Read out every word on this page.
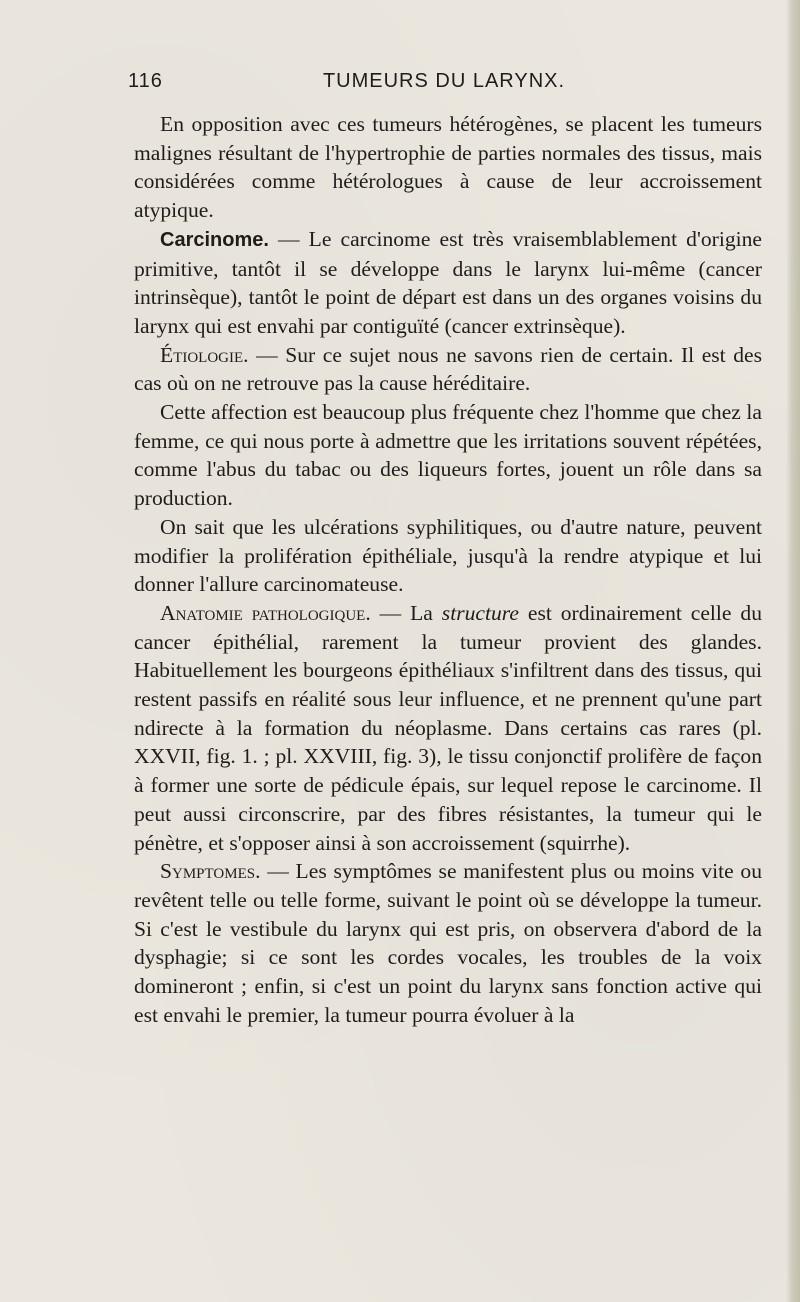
116	TUMEURS DU LARYNX.

En opposition avec ces tumeurs hétérogènes, se placent les tumeurs malignes résultant de l'hypertrophie de parties normales des tissus, mais considérées comme hétérologues à cause de leur accroissement atypique.

Carcinome. — Le carcinome est très vraisemblablement d'origine primitive, tantôt il se développe dans le larynx lui-même (cancer intrinsèque), tantôt le point de départ est dans un des organes voisins du larynx qui est envahi par contiguïté (cancer extrinsèque).

Étiologie. — Sur ce sujet nous ne savons rien de certain. Il est des cas où on ne retrouve pas la cause héréditaire.

Cette affection est beaucoup plus fréquente chez l'homme que chez la femme, ce qui nous porte à admettre que les irritations souvent répétées, comme l'abus du tabac ou des liqueurs fortes, jouent un rôle dans sa production.

On sait que les ulcérations syphilitiques, ou d'autre nature, peuvent modifier la prolifération épithéliale, jusqu'à la rendre atypique et lui donner l'allure carcinomateuse.

Anatomie pathologique. — La structure est ordinairement celle du cancer épithélial, rarement la tumeur provient des glandes. Habituellement les bourgeons épithéliaux s'infiltrent dans des tissus, qui restent passifs en réalité sous leur influence, et ne prennent qu'une part ndirecte à la formation du néoplasme. Dans certains cas rares (pl. XXVII, fig. 1. ; pl. XXVIII, fig. 3), le tissu conjonctif prolifère de façon à former une sorte de pédicule épais, sur lequel repose le carcinome. Il peut aussi circonscrire, par des fibres résistantes, la tumeur qui le pénètre, et s'opposer ainsi à son accroissement (squirrhe).

Symptomes. — Les symptômes se manifestent plus ou moins vite ou revêtent telle ou telle forme, suivant le point où se développe la tumeur. Si c'est le vestibule du larynx qui est pris, on observera d'abord de la dysphagie; si ce sont les cordes vocales, les troubles de la voix domineront ; enfin, si c'est un point du larynx sans fonction active qui est envahi le premier, la tumeur pourra évoluer à la
